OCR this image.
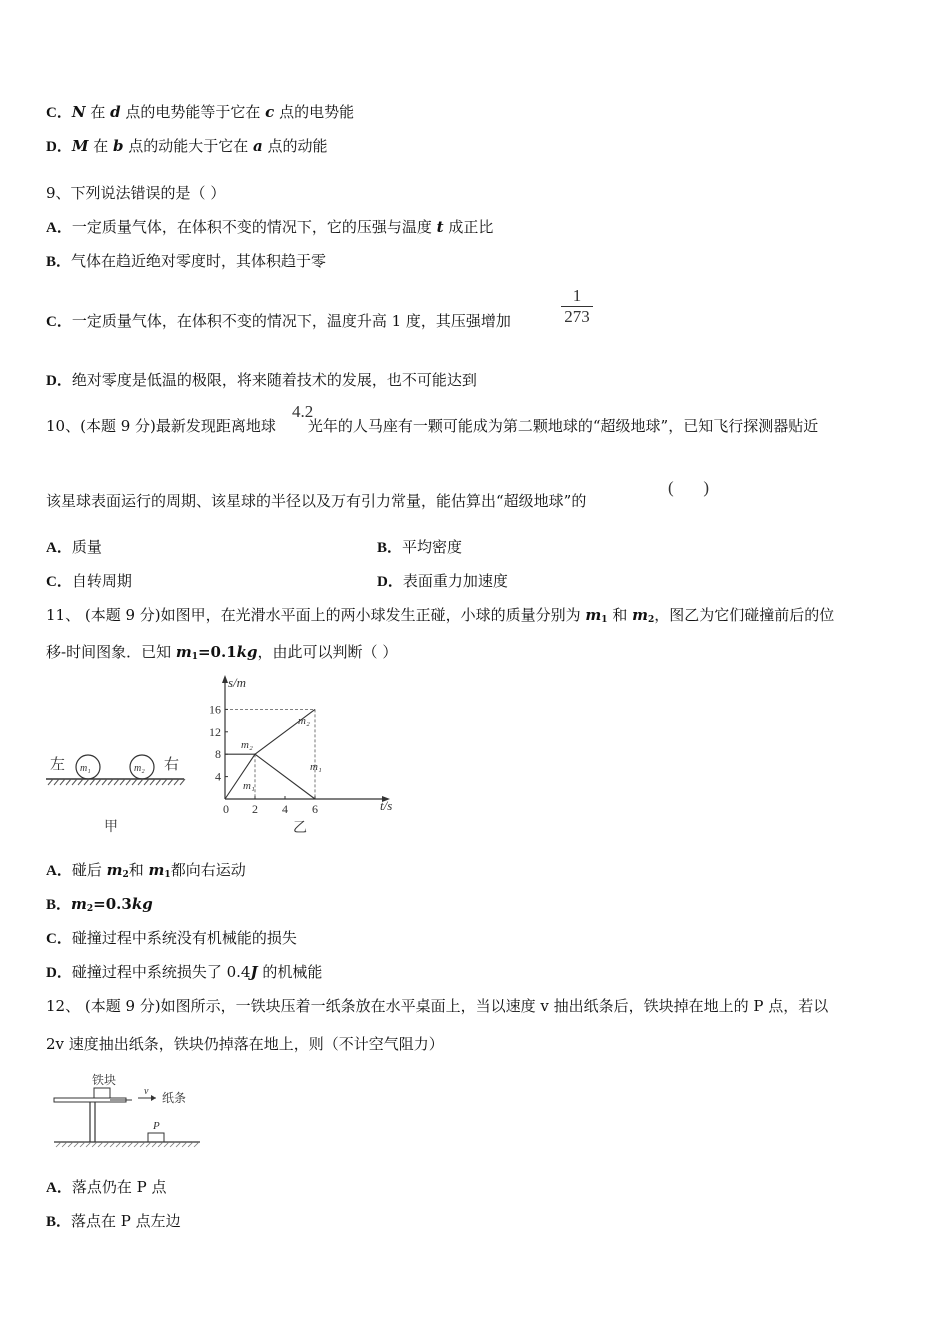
C．N 在 d 点的电势能等于它在 c 点的电势能
D．M 在 b 点的动能大于它在 a 点的动能
9、下列说法错误的是（ ）
A．一定质量气体，在体积不变的情况下，它的压强与温度 t 成正比
B．气体在趋近绝对零度时，其体积趋于零
C．一定质量气体，在体积不变的情况下，温度升高 1 度，其压强增加
1
273
D．绝对零度是低温的极限，将来随着技术的发展，也不可能达到
10、(本题 9 分)最新发现距离地球 光年的人马座有一颗可能成为第二颗地球的“超级地球”，已知飞行探测器贴近
4.2
该星球表面运行的周期、该星球的半径以及万有引力常量，能估算出“超级地球”的
(       )
A．质量	B．平均密度
C．自转周期	D．表面重力加速度
11、 (本题 9 分)如图甲，在光滑水平面上的两小球发生正碰，小球的质量分别为 $m_1$ 和 $m_2$，图乙为它们碰撞前后的位
移-时间图象．已知 $m_1=0.1kg$，由此可以判断（ ）
左 m₁	m₂ 右
甲
16
12
8
4
0 2 4 6
s/m
t/s
m₂
m₂
m₁
m₁
乙
A．碰后 $m_2$和 $m_1$都向右运动
B．$m_2=0.3kg$
C．碰撞过程中系统没有机械能的损失
D．碰撞过程中系统损失了 0.4J 的机械能
12、 (本题 9 分)如图所示，一铁块压着一纸条放在水平桌面上，当以速度 v 抽出纸条后，铁块掉在地上的 P 点，若以
2v 速度抽出纸条，铁块仍掉落在地上，则（不计空气阻力）
铁块
v 纸条
P
A．落点仍在 P 点
B．落点在 P 点左边
